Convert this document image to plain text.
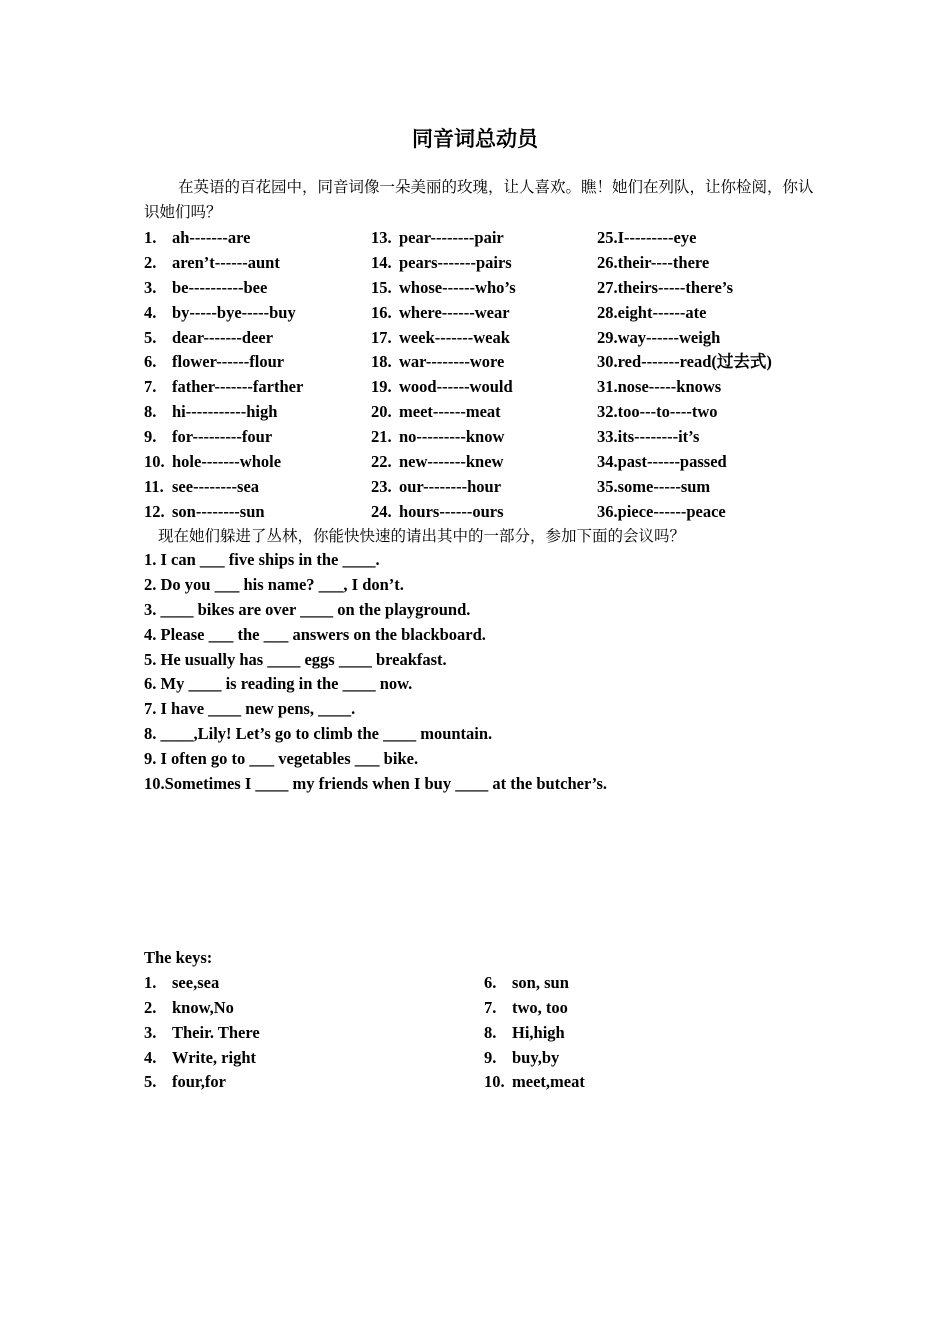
同音词总动员
在英语的百花园中，同音词像一朵美丽的玫瑰，让人喜欢。瞧！她们在列队，让你检阅，你认识她们吗？
1. ah-------are	13. pear--------pair	25.I---------eye
2. aren’t------aunt	14. pears-------pairs	26.their----there
3. be----------bee	15. whose------who’s	27.theirs-----there’s
4. by-----bye-----buy	16. where------wear	28.eight------ate
5. dear-------deer	17. week-------weak	29.way------weigh
6. flower------flour	18. war--------wore	30.red-------read(过去式)
7. father-------farther	19. wood------would	31.nose-----knows
8. hi-----------high	20. meet------meat	32.too---to----two
9. for---------four	21. no---------know	33.its--------it’s
10. hole-------whole	22. new-------knew	34.past------passed
11. see--------sea	23. our--------hour	35.some-----sum
12. son--------sun	24. hours------ours	36.piece------peace
现在她们躲进了丛林，你能快快速的请出其中的一部分，参加下面的会议吗？
1. I can ___ five ships in the ____.
2. Do you ___ his name? ___, I don’t.
3. ____ bikes are over ____ on the playground.
4. Please ___ the ___ answers on the blackboard.
5. He usually has ____ eggs ____ breakfast.
6. My ____ is reading in the ____ now.
7. I have ____ new pens, ____.
8. ____,Lily! Let’s go to climb the ____ mountain.
9. I often go to ___ vegetables ___ bike.
10.Sometimes I ____ my friends when I buy ____ at the butcher’s.
The keys:
1. see,sea	6. son, sun
2. know,No	7. two, too
3. Their. There	8. Hi,high
4. Write, right	9. buy,by
5. four,for	10. meet,meat
